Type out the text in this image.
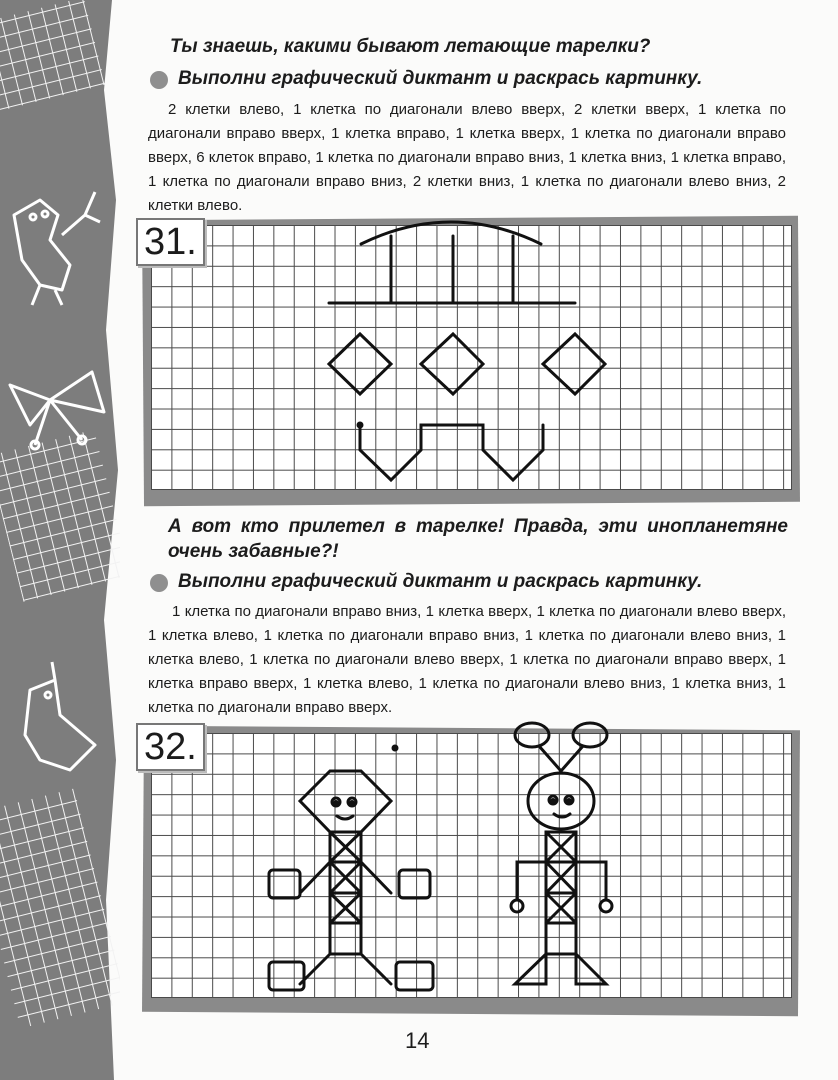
Ты знаешь, какими бывают летающие тарелки?
Выполни графический диктант и раскрась картинку.
2 клетки влево, 1 клетка по диагонали влево вверх, 2 клетки вверх, 1 клетка по диагонали вправо вверх, 1 клетка вправо, 1 клетка вверх, 1 клетка по диагонали вправо вверх, 6 клеток вправо, 1 клетка по диагонали вправо вниз, 1 клетка вниз, 1 клетка вправо, 1 клетка по диагонали вправо вниз, 2 клетки вниз, 1 клетка по диагонали влево вниз, 2 клетки влево.
31.
А вот кто прилетел в тарелке! Правда, эти инопланетяне очень забавные?!
Выполни графический диктант и раскрась картинку.
1 клетка по диагонали вправо вниз, 1 клетка вверх, 1 клетка по диагонали влево вверх, 1 клетка влево, 1 клетка по диагонали вправо вниз, 1 клетка по диагонали влево вниз, 1 клетка влево, 1 клетка по диагонали влево вверх, 1 клетка по диагонали вправо вверх, 1 клетка вправо вверх, 1 клетка влево, 1 клетка по диагонали влево вниз, 1 клетка вниз, 1 клетка по диагонали вправо вверх.
32.
14
